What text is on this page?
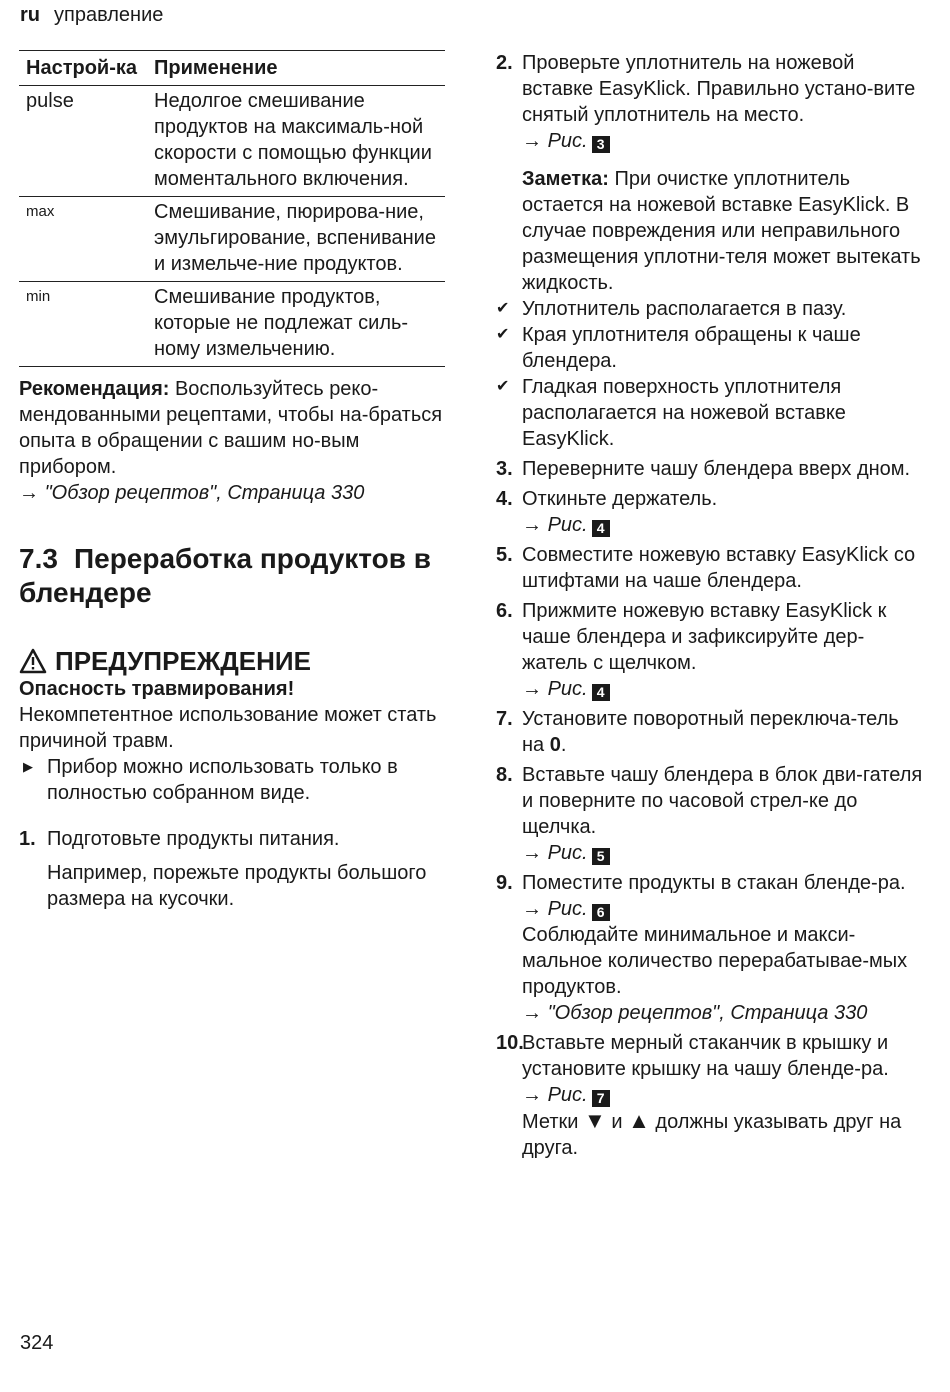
ru управление
Настрой-ка	Применение
pulse	Недолгое смешивание продуктов на максималь-ной скорости с помощью функции моментального включения.
max	Смешивание, пюрирова-ние, эмульгирование, вспенивание и измельче-ние продуктов.
min	Смешивание продуктов, которые не подлежат силь-ному измельчению.
Рекомендация: Воспользуйтесь реко-мендованными рецептами, чтобы на-браться опыта в обращении с вашим но-вым прибором.
→ "Обзор рецептов", Страница 330
7.3 Переработка продуктов в блендере
ПРЕДУПРЕЖДЕНИЕ
Опасность травмирования!
Некомпетентное использование может стать причиной травм.
▶ Прибор можно использовать только в полностью собранном виде.
1. Подготовьте продукты питания.
Например, порежьте продукты большого размера на кусочки.
2. Проверьте уплотнитель на ножевой вставке EasyKlick. Правильно устано-вите снятый уплотнитель на место.
→ Рис. 3
Заметка: При очистке уплотнитель остается на ножевой вставке EasyKlick. В случае повреждения или неправильного размещения уплотни-теля может вытекать жидкость.
✔ Уплотнитель располагается в пазу.
✔ Края уплотнителя обращены к чаше блендера.
✔ Гладкая поверхность уплотнителя располагается на ножевой вставке EasyKlick.
3. Переверните чашу блендера вверх дном.
4. Откиньте держатель.
→ Рис. 4
5. Совместите ножевую вставку EasyKlick со штифтами на чаше блендера.
6. Прижмите ножевую вставку EasyKlick к чаше блендера и зафиксируйте дер-жатель с щелчком.
→ Рис. 4
7. Установите поворотный переключа-тель на 0.
8. Вставьте чашу блендера в блок дви-гателя и поверните по часовой стрел-ке до щелчка.
→ Рис. 5
9. Поместите продукты в стакан бленде-ра.
→ Рис. 6
Соблюдайте минимальное и макси-мальное количество перерабатывае-мых продуктов.
→ "Обзор рецептов", Страница 330
10.
Вставьте мерный стаканчик в крышку и установите крышку на чашу бленде-ра.
→ Рис. 7
Метки ▼ и ▲ должны указывать друг на друга.
324
